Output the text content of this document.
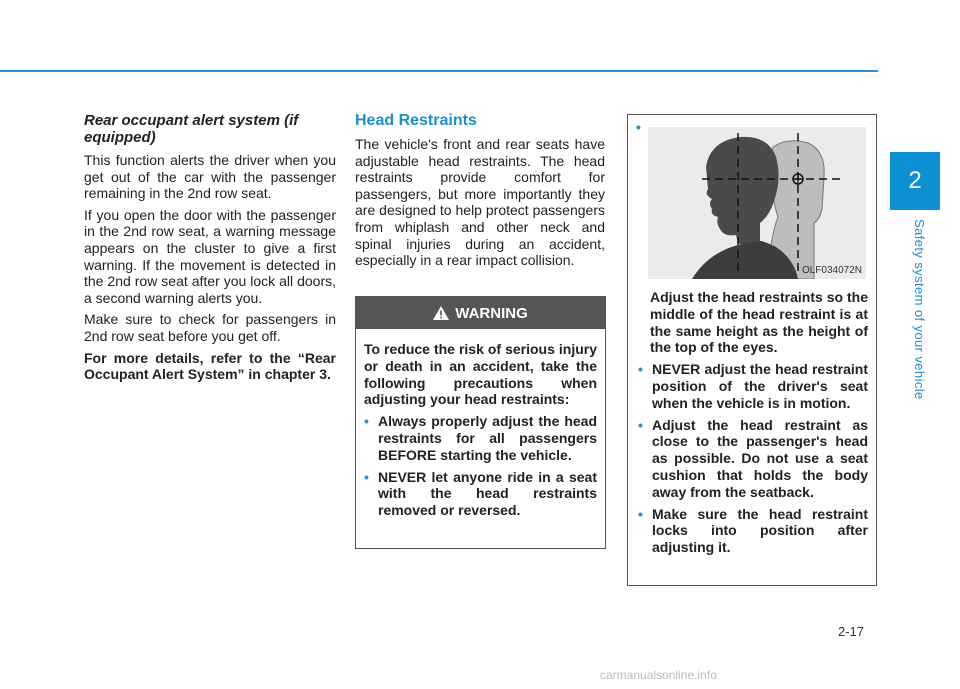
2
Safety system of your vehicle
Rear occupant alert system (if equipped)

This function alerts the driver when you get out of the car with the passenger remaining in the 2nd row seat.

If you open the door with the passenger in the 2nd row seat, a warning message appears on the cluster to give a first warning. If the movement is detected in the 2nd row seat after you lock all doors, a second warning alerts you.

Make sure to check for passengers in 2nd row seat before you get off.

For more details, refer to the “Rear Occupant Alert System” in chapter 3.

Head Restraints

The vehicle's front and rear seats have adjustable head restraints. The head restraints provide comfort for passengers, but more importantly they are designed to help protect passengers from whiplash and other neck and spinal injuries during an accident, especially in a rear impact collision.

WARNING

To reduce the risk of serious injury or death in an accident, take the following precautions when adjusting your head restraints:

• Always properly adjust the head restraints for all passengers BEFORE starting the vehicle.
• NEVER let anyone ride in a seat with the head restraints removed or reversed.
•
OLF034072N

Adjust the head restraints so the middle of the head restraint is at the same height as the height of the top of the eyes.

• NEVER adjust the head restraint position of the driver's seat when the vehicle is in motion.
• Adjust the head restraint as close to the passenger's head as possible. Do not use a seat cushion that holds the body away from the seatback.
• Make sure the head restraint locks into position after adjusting it.
2-17
carmanualsonline.info
